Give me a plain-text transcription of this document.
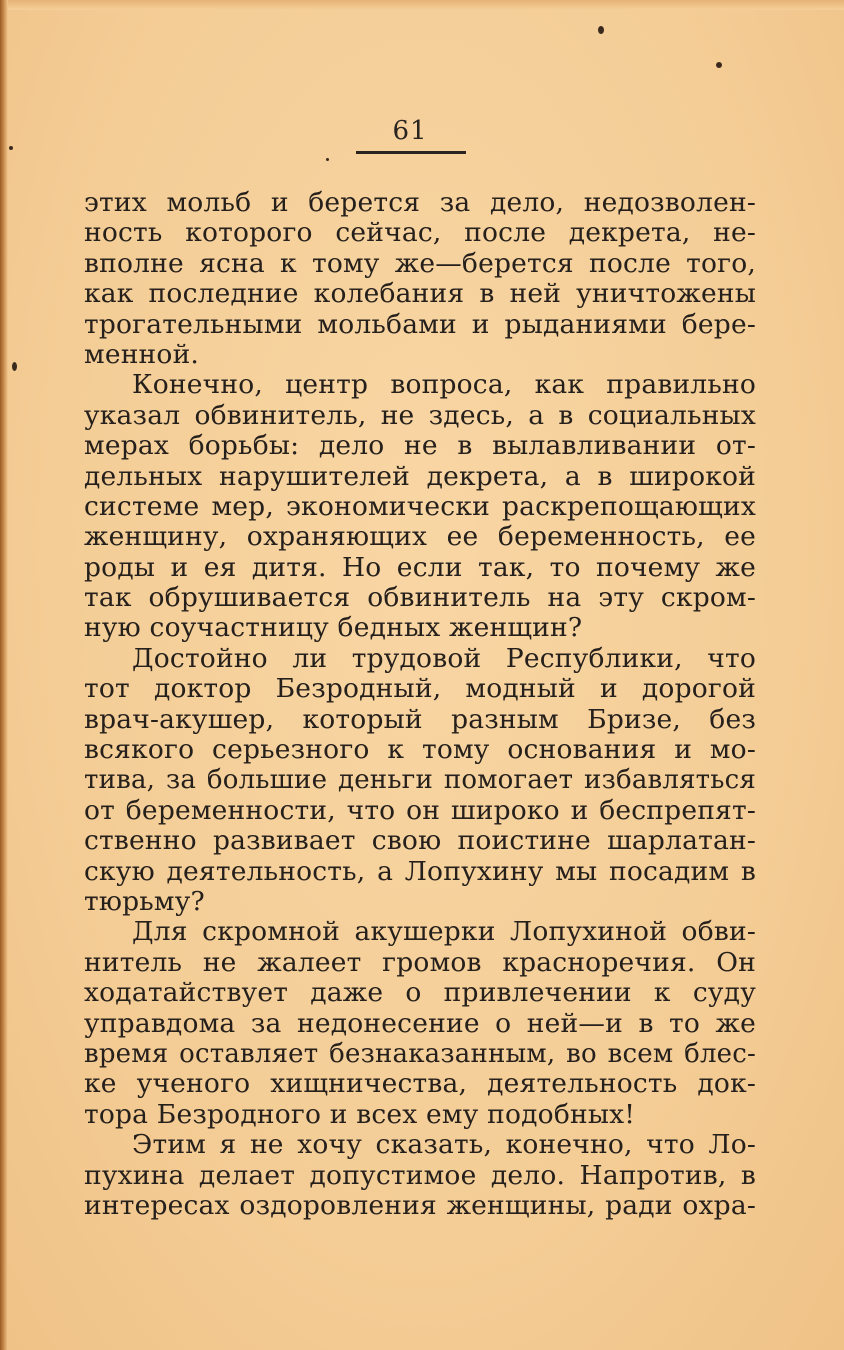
61
этих мольб и берется за дело, недозволен-
ность которого сейчас, после декрета, не-
вполне ясна к тому же—берется после того,
как последние колебания в ней уничтожены
трогательными мольбами и рыданиями бере-
менной.
Конечно, центр вопроса, как правильно
указал обвинитель, не здесь, а в социальных
мерах борьбы: дело не в вылавливании от-
дельных нарушителей декрета, а в широкой
системе мер, экономически раскрепощающих
женщину, охраняющих ее беременность, ее
роды и ея дитя. Но если так, то почему же
так обрушивается обвинитель на эту скром-
ную соучастницу бедных женщин?
Достойно ли трудовой Республики, что
тот доктор Безродный, модный и дорогой
врач-акушер, который разным Бризе, без
всякого серьезного к тому основания и мо-
тива, за большие деньги помогает избавляться
от беременности, что он широко и беспрепят-
ственно развивает свою поистине шарлатан-
скую деятельность, а Лопухину мы посадим в
тюрьму?
Для скромной акушерки Лопухиной обви-
нитель не жалеет громов красноречия. Он
ходатайствует даже о привлечении к суду
управдома за недонесение о ней—и в то же
время оставляет безнаказанным, во всем блес-
ке ученого хищничества, деятельность док-
тора Безродного и всех ему подобных!
Этим я не хочу сказать, конечно, что Ло-
пухина делает допустимое дело. Напротив, в
интересах оздоровления женщины, ради охра-
